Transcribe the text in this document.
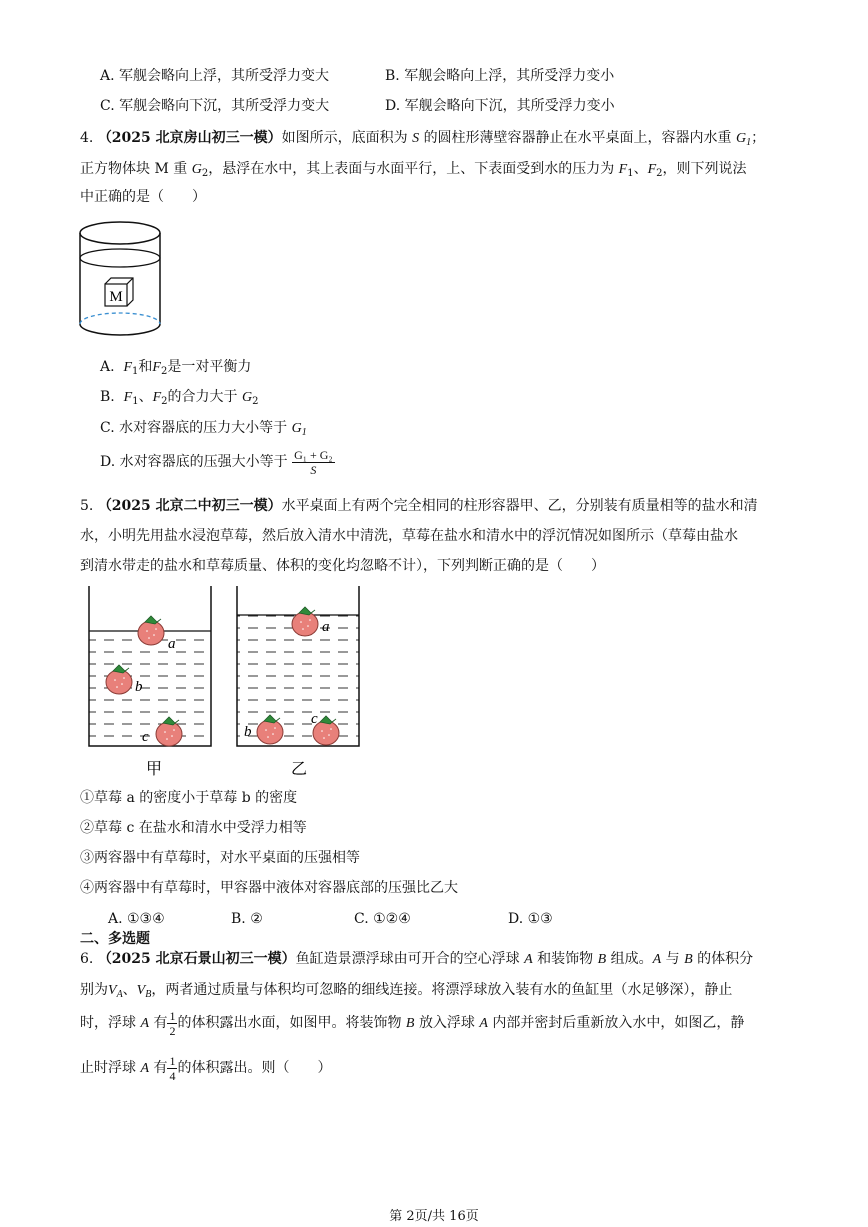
A. 军舰会略向上浮，其所受浮力变大	B. 军舰会略向上浮，其所受浮力变小
C. 军舰会略向下沉，其所受浮力变大	D. 军舰会略向下沉，其所受浮力变小
4. （2025 北京房山初三一模）如图所示，底面积为 S 的圆柱形薄壁容器静止在水平桌面上，容器内水重 $G_1$；
正方物体块 M 重 $G_2$，悬浮在水中，其上表面与水面平行，上、下表面受到水的压力为 $F_1$、$F_2$，则下列说法
中正确的是（　　）
M
A. $F_1$和$F_2$是一对平衡力
B. $F_1$、$F_2$的合力大于 $G_2$
C. 水对容器底的压力大小等于 $G_1$
D. 水对容器底的压强大小等于 $\frac{\text{G₁ + G₂}}{S}$
5. （2025 北京二中初三一模）水平桌面上有两个完全相同的柱形容器甲、乙，分别装有质量相等的盐水和清
水，小明先用盐水浸泡草莓，然后放入清水中清洗，草莓在盐水和清水中的浮沉情况如图所示（草莓由盐水
到清水带走的盐水和草莓质量、体积的变化均忽略不计），下列判断正确的是（　　）
a
b
c
a
b
c
甲	乙
①草莓 a 的密度小于草莓 b 的密度
②草莓 c 在盐水和清水中受浮力相等
③两容器中有草莓时，对水平桌面的压强相等
④两容器中有草莓时，甲容器中液体对容器底部的压强比乙大
A. ①③④	B. ②	C. ①②④	D. ①③
二、多选题
6. （2025 北京石景山初三一模）鱼缸造景漂浮球由可开合的空心浮球 A 和装饰物 B 组成。A 与 B 的体积分
别为$V_A$、$V_B$，两者通过质量与体积均可忽略的细线连接。将漂浮球放入装有水的鱼缸里（水足够深），静止
时，浮球 A 有 $\frac{1}{2}$ 的体积露出水面，如图甲。将装饰物 B 放入浮球 A 内部并密封后重新放入水中，如图乙，静
止时浮球 A 有 $\frac{1}{4}$ 的体积露出。则（　　）
第 2页/共 16页
